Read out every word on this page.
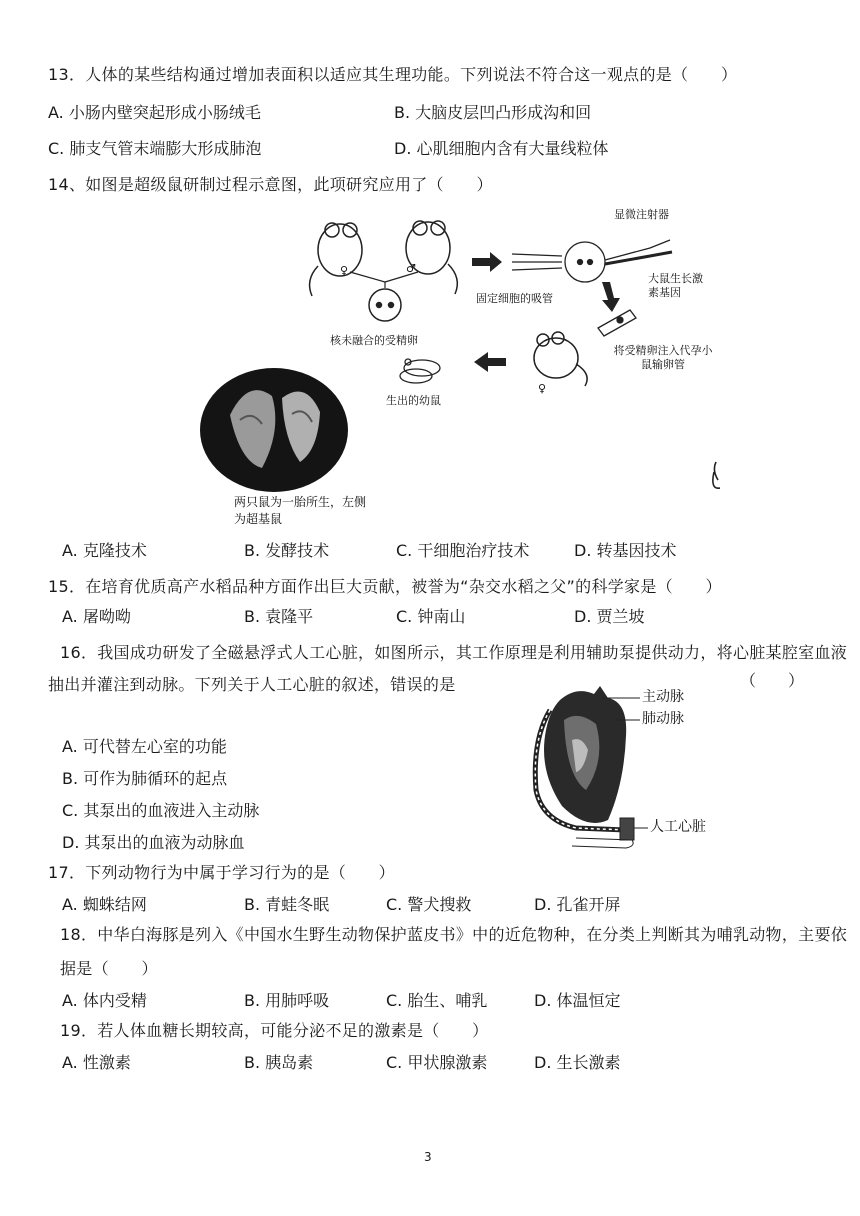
13．人体的某些结构通过增加表面积以适应其生理功能。下列说法不符合这一观点的是（　　）
A. 小肠内壁突起形成小肠绒毛	B. 大脑皮层凹凸形成沟和回
C. 肺支气管末端膨大形成肺泡	D. 心肌细胞内含有大量线粒体
14、如图是超级鼠研制过程示意图，此项研究应用了（　　）
♀	♂
显微注射器
固定细胞的吸管
大鼠生长激素基因
核未融合的受精卵
将受精卵注入代孕小鼠输卵管
♀
生出的幼鼠
两只鼠为一胎所生，左侧为超基鼠
A. 克隆技术	B. 发酵技术	C. 干细胞治疗技术	D. 转基因技术
15．在培育优质高产水稻品种方面作出巨大贡献，被誉为“杂交水稻之父”的科学家是（　　）
A. 屠呦呦	B. 袁隆平	C. 钟南山	D. 贾兰坡
16．我国成功研发了全磁悬浮式人工心脏，如图所示，其工作原理是利用辅助泵提供动力，将心脏某腔室血液
抽出并灌注到动脉。下列关于人工心脏的叙述，错误的是	（　　）
主动脉
肺动脉
人工心脏
A. 可代替左心室的功能
B. 可作为肺循环的起点
C. 其泵出的血液进入主动脉
D. 其泵出的血液为动脉血
17．下列动物行为中属于学习行为的是（　　）
A. 蜘蛛结网	B. 青蛙冬眠	C. 警犬搜救	D. 孔雀开屏
18．中华白海豚是列入《中国水生野生动物保护蓝皮书》中的近危物种，在分类上判断其为哺乳动物，主要依
据是（　　）
A. 体内受精	B. 用肺呼吸	C. 胎生、哺乳	D. 体温恒定
19．若人体血糖长期较高，可能分泌不足的激素是（　　）
A. 性激素	B. 胰岛素	C. 甲状腺激素	D. 生长激素
3
